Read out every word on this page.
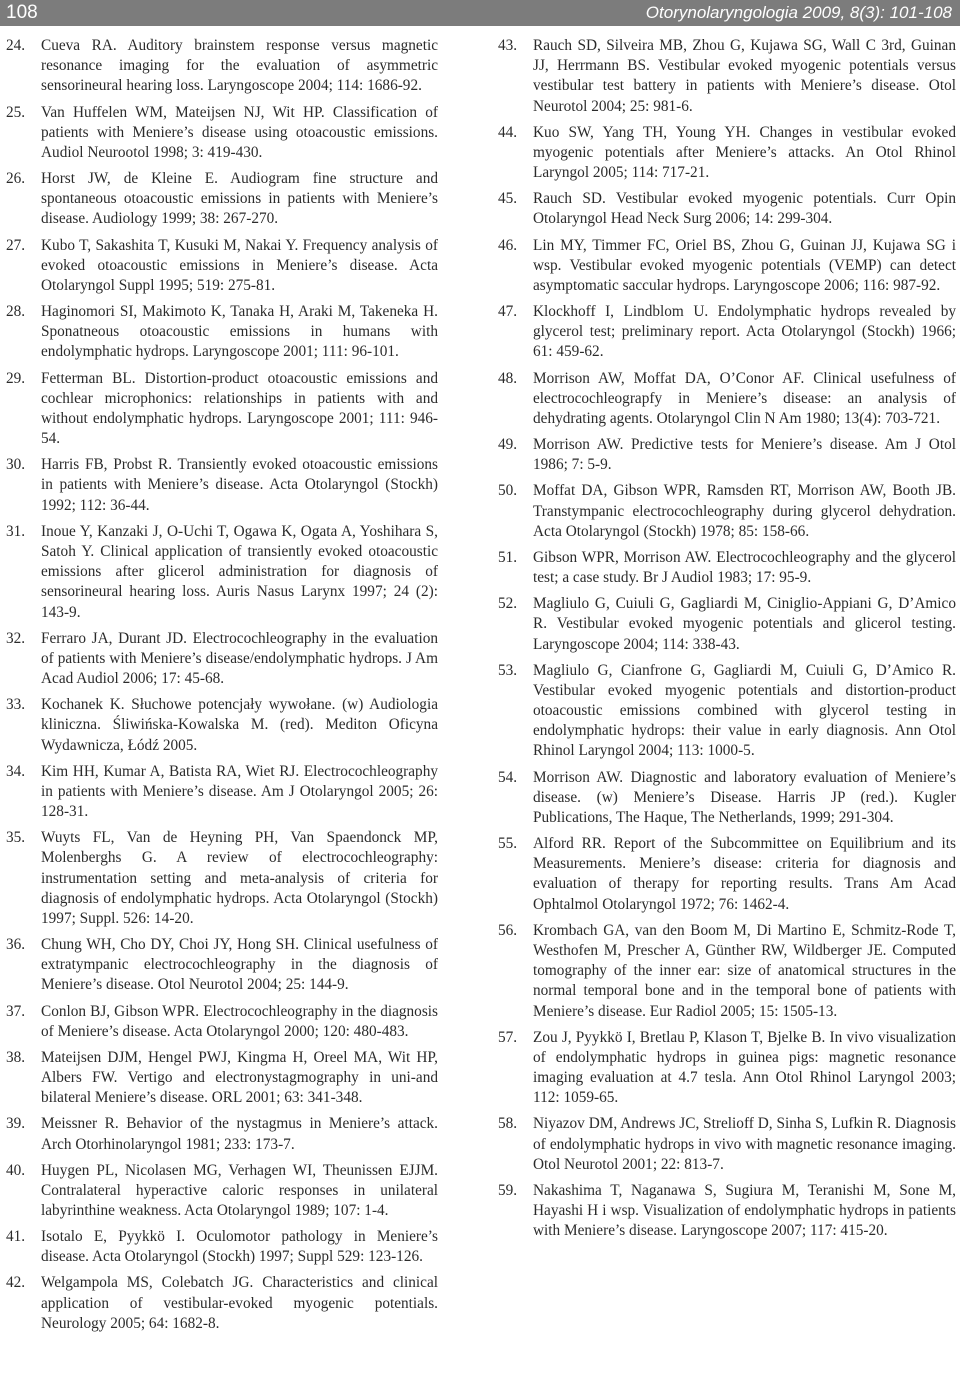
108	Otorynolaryngologia 2009, 8(3): 101-108
24. Cueva RA. Auditory brainstem response versus magnetic resonance imaging for the evaluation of asymmetric sensorineural hearing loss. Laryngoscope 2004; 114: 1686-92.
25. Van Huffelen WM, Mateijsen NJ, Wit HP. Classification of patients with Meniere’s disease using otoacoustic emissions. Audiol Neurootol 1998; 3: 419-430.
26. Horst JW, de Kleine E. Audiogram fine structure and spontaneous otoacoustic emissions in patients with Meniere’s disease. Audiology 1999; 38: 267-270.
27. Kubo T, Sakashita T, Kusuki M, Nakai Y. Frequency analysis of evoked otoacoustic emissions in Meniere’s disease. Acta Otolaryngol Suppl 1995; 519: 275-81.
28. Haginomori SI, Makimoto K, Tanaka H, Araki M, Takeneka H. Sponatneous otoacoustic emissions in humans with endolymphatic hydrops. Laryngoscope 2001; 111: 96-101.
29. Fetterman BL. Distortion-product otoacoustic emissions and cochlear microphonics: relationships in patients with and without endolymphatic hydrops. Laryngoscope 2001; 111: 946-54.
30. Harris FB, Probst R. Transiently evoked otoacoustic emissions in patients with Meniere’s disease. Acta Otolaryngol (Stockh) 1992; 112: 36-44.
31. Inoue Y, Kanzaki J, O-Uchi T, Ogawa K, Ogata A, Yoshihara S, Satoh Y. Clinical application of transiently evoked otoacoustic emissions after glicerol administration for diagnosis of sensorineural hearing loss. Auris Nasus Larynx 1997; 24 (2): 143-9.
32. Ferraro JA, Durant JD. Electrocochleography in the evaluation of patients with Meniere’s disease/endolymphatic hydrops. J Am Acad Audiol 2006; 17: 45-68.
33. Kochanek K. Słuchowe potencjały wywołane. (w) Audiologia kliniczna. Śliwińska-Kowalska M. (red). Mediton Oficyna Wydawnicza, Łódź 2005.
34. Kim HH, Kumar A, Batista RA, Wiet RJ. Electrocochleography in patients with Meniere’s disease. Am J Otolaryngol 2005; 26: 128-31.
35. Wuyts FL, Van de Heyning PH, Van Spaendonck MP, Molenberghs G. A review of electrocochleography: instrumentation setting and meta-analysis of criteria for diagnosis of endolymphatic hydrops. Acta Otolaryngol (Stockh) 1997; Suppl. 526: 14-20.
36. Chung WH, Cho DY, Choi JY, Hong SH. Clinical usefulness of extratympanic electrocochleography in the diagnosis of Meniere’s disease. Otol Neurotol 2004; 25: 144-9.
37. Conlon BJ, Gibson WPR. Electrocochleography in the diagnosis of Meniere’s disease. Acta Otolaryngol 2000; 120: 480-483.
38. Mateijsen DJM, Hengel PWJ, Kingma H, Oreel MA, Wit HP, Albers FW. Vertigo and electronystagmography in uni-and bilateral Meniere’s disease. ORL 2001; 63: 341-348.
39. Meissner R. Behavior of the nystagmus in Meniere’s attack. Arch Otorhinolaryngol 1981; 233: 173-7.
40. Huygen PL, Nicolasen MG, Verhagen WI, Theunissen EJJM. Contralateral hyperactive caloric responses in unilateral labyrinthine weakness. Acta Otolaryngol 1989; 107: 1-4.
41. Isotalo E, Pyykkö I. Oculomotor pathology in Meniere’s disease. Acta Otolaryngol (Stockh) 1997; Suppl 529: 123-126.
42. Welgampola MS, Colebatch JG. Characteristics and clinical application of vestibular-evoked myogenic potentials. Neurology 2005; 64: 1682-8.
43. Rauch SD, Silveira MB, Zhou G, Kujawa SG, Wall C 3rd, Guinan JJ, Herrmann BS. Vestibular evoked myogenic potentials versus vestibular test battery in patients with Meniere’s disease. Otol Neurotol 2004; 25: 981-6.
44. Kuo SW, Yang TH, Young YH. Changes in vestibular evoked myogenic potentials after Meniere’s attacks. An Otol Rhinol Laryngol 2005; 114: 717-21.
45. Rauch SD. Vestibular evoked myogenic potentials. Curr Opin Otolaryngol Head Neck Surg 2006; 14: 299-304.
46. Lin MY, Timmer FC, Oriel BS, Zhou G, Guinan JJ, Kujawa SG i wsp. Vestibular evoked myogenic potentials (VEMP) can detect asymptomatic saccular hydrops. Laryngoscope 2006; 116: 987-92.
47. Klockhoff I, Lindblom U. Endolymphatic hydrops revealed by glycerol test; preliminary report. Acta Otolaryngol (Stockh) 1966; 61: 459-62.
48. Morrison AW, Moffat DA, O’Conor AF. Clinical usefulness of electrocochleograpfy in Meniere’s disease: an analysis of dehydrating agents. Otolaryngol Clin N Am 1980; 13(4): 703-721.
49. Morrison AW. Predictive tests for Meniere’s disease. Am J Otol 1986; 7: 5-9.
50. Moffat DA, Gibson WPR, Ramsden RT, Morrison AW, Booth JB. Transtympanic electrocochleography during glycerol dehydration. Acta Otolaryngol (Stockh) 1978; 85: 158-66.
51. Gibson WPR, Morrison AW. Electrocochleography and the glycerol test; a case study. Br J Audiol 1983; 17: 95-9.
52. Magliulo G, Cuiuli G, Gagliardi M, Ciniglio-Appiani G, D’Amico R. Vestibular evoked myogenic potentials and glicerol testing. Laryngoscope 2004; 114: 338-43.
53. Magliulo G, Cianfrone G, Gagliardi M, Cuiuli G, D’Amico R. Vestibular evoked myogenic potentials and distortion-product otoacoustic emissions combined with glycerol testing in endolymphatic hydrops: their value in early diagnosis. Ann Otol Rhinol Laryngol 2004; 113: 1000-5.
54. Morrison AW. Diagnostic and laboratory evaluation of Meniere’s disease. (w) Meniere’s Disease. Harris JP (red.). Kugler Publications, The Haque, The Netherlands, 1999; 291-304.
55. Alford RR. Report of the Subcommittee on Equilibrium and its Measurements. Meniere’s disease: criteria for diagnosis and evaluation of therapy for reporting results. Trans Am Acad Ophtalmol Otolaryngol 1972; 76: 1462-4.
56. Krombach GA, van den Boom M, Di Martino E, Schmitz-Rode T, Westhofen M, Prescher A, Günther RW, Wildberger JE. Computed tomography of the inner ear: size of anatomical structures in the normal temporal bone and in the temporal bone of patients with Meniere’s disease. Eur Radiol 2005; 15: 1505-13.
57. Zou J, Pyykkö I, Bretlau P, Klason T, Bjelke B. In vivo visualization of endolymphatic hydrops in guinea pigs: magnetic resonance imaging evaluation at 4.7 tesla. Ann Otol Rhinol Laryngol 2003; 112: 1059-65.
58. Niyazov DM, Andrews JC, Strelioff D, Sinha S, Lufkin R. Diagnosis of endolymphatic hydrops in vivo with magnetic resonance imaging. Otol Neurotol 2001; 22: 813-7.
59. Nakashima T, Naganawa S, Sugiura M, Teranishi M, Sone M, Hayashi H i wsp. Visualization of endolymphatic hydrops in patients with Meniere’s disease. Laryngoscope 2007; 117: 415-20.
